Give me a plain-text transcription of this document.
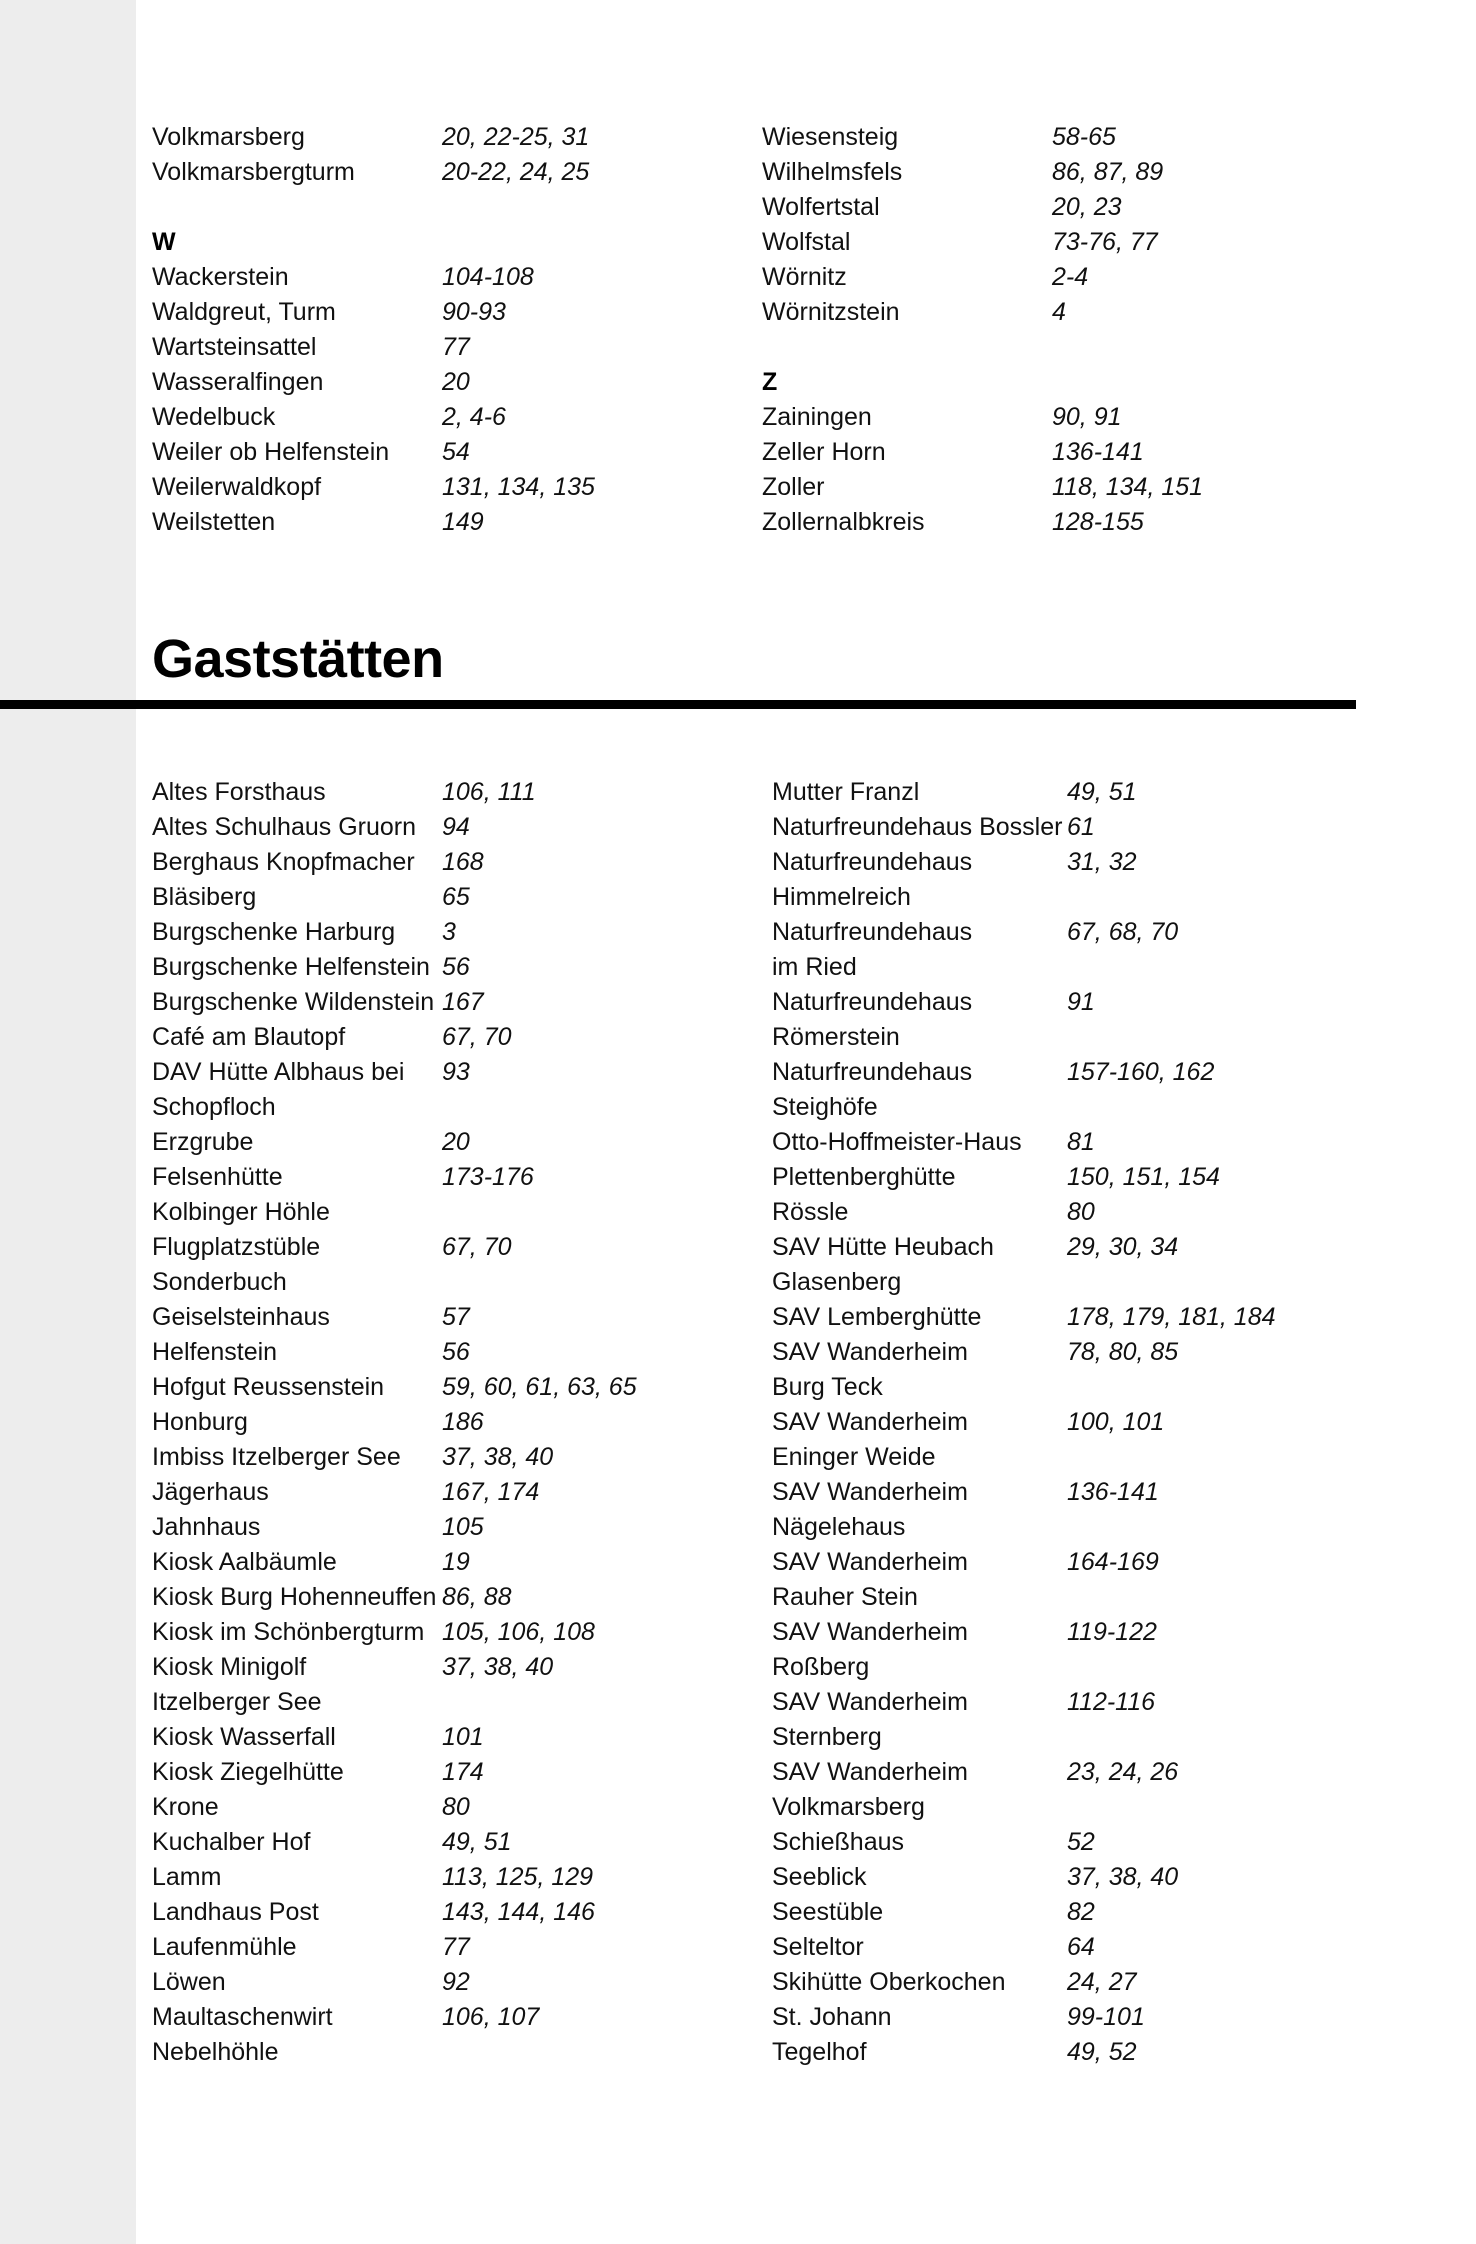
Volkmarsberg	20, 22-25, 31
Volkmarsbergturm	20-22, 24, 25
W
Wackerstein	104-108
Waldgreut, Turm	90-93
Wartsteinsattel	77
Wasseralfingen	20
Wedelbuck	2, 4-6
Weiler ob Helfenstein	54
Weilerwaldkopf	131, 134, 135
Weilstetten	149
Wiesensteig	58-65
Wilhelmsfels	86, 87, 89
Wolfertstal	20, 23
Wolfstal	73-76, 77
Wörnitz	2-4
Wörnitzstein	4
Z
Zainingen	90, 91
Zeller Horn	136-141
Zoller	118, 134, 151
Zollernalbkreis	128-155
Gaststätten
Altes Forsthaus	106, 111
Altes Schulhaus Gruorn	94
Berghaus Knopfmacher	168
Bläsiberg	65
Burgschenke Harburg	3
Burgschenke Helfenstein 56
Burgschenke Wildenstein 167
Café am Blautopf	67, 70
DAV Hütte Albhaus bei	93
Schopfloch
Erzgrube	20
Felsenhütte	173-176
Kolbinger Höhle
Flugplatzstüble	67, 70
Sonderbuch
Geiselsteinhaus	57
Helfenstein	56
Hofgut Reussenstein	59, 60, 61, 63, 65
Honburg	186
Imbiss Itzelberger See	37, 38, 40
Jägerhaus	167, 174
Jahnhaus	105
Kiosk Aalbäumle	19
Kiosk Burg Hohenneuffen 86, 88
Kiosk im Schönbergturm 105, 106, 108
Kiosk Minigolf	37, 38, 40
Itzelberger See
Kiosk Wasserfall	101
Kiosk Ziegelhütte	174
Krone	80
Kuchalber Hof	49, 51
Lamm	113, 125, 129
Landhaus Post	143, 144, 146
Laufenmühle	77
Löwen	92
Maultaschenwirt	106, 107
Nebelhöhle
Mutter Franzl	49, 51
Naturfreundehaus Bossler 61
Naturfreundehaus	31, 32
Himmelreich
Naturfreundehaus	67, 68, 70
im Ried
Naturfreundehaus	91
Römerstein
Naturfreundehaus	157-160, 162
Steighöfe
Otto-Hoffmeister-Haus	81
Plettenberghütte	150, 151, 154
Rössle	80
SAV Hütte Heubach	29, 30, 34
Glasenberg
SAV Lemberghütte	178, 179, 181, 184
SAV Wanderheim	78, 80, 85
Burg Teck
SAV Wanderheim	100, 101
Eninger Weide
SAV Wanderheim	136-141
Nägelehaus
SAV Wanderheim	164-169
Rauher Stein
SAV Wanderheim	119-122
Roßberg
SAV Wanderheim	112-116
Sternberg
SAV Wanderheim	23, 24, 26
Volkmarsberg
Schießhaus	52
Seeblick	37, 38, 40
Seestüble	82
Selteltor	64
Skihütte Oberkochen	24, 27
St. Johann	99-101
Tegelhof	49, 52
